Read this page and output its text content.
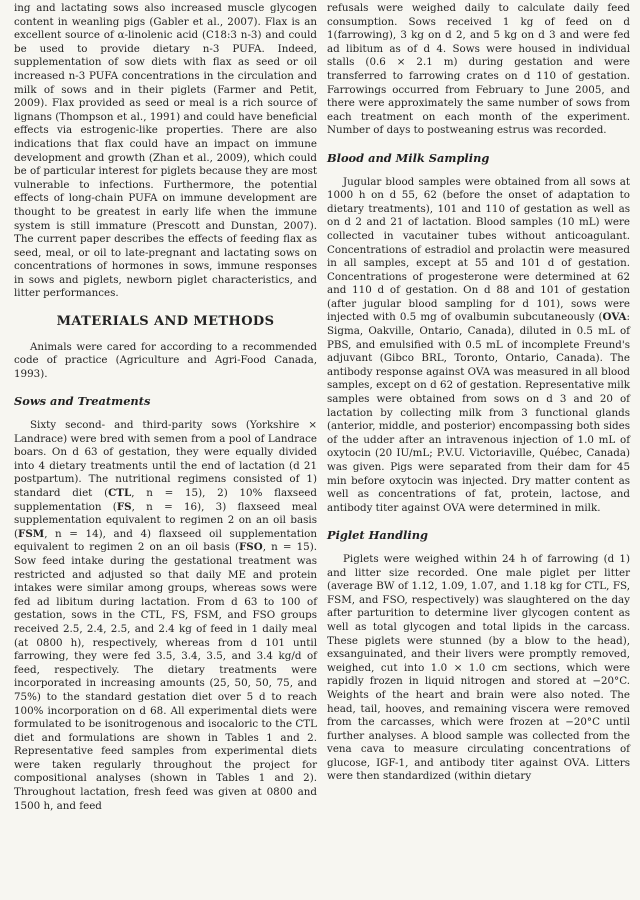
ing and lactating sows also increased muscle glycogen content in weanling pigs (Gabler et al., 2007). Flax is an excellent source of α-linolenic acid (C18:3 n-3) and could be used to provide dietary n-3 PUFA. Indeed, supplementation of sow diets with flax as seed or oil increased n-3 PUFA concentrations in the circulation and milk of sows and in their piglets (Farmer and Petit, 2009). Flax provided as seed or meal is a rich source of lignans (Thompson et al., 1991) and could have beneficial effects via estrogenic-like properties. There are also indications that flax could have an impact on immune development and growth (Zhan et al., 2009), which could be of particular interest for piglets because they are most vulnerable to infections. Furthermore, the potential effects of long-chain PUFA on immune development are thought to be greatest in early life when the immune system is still immature (Prescott and Dunstan, 2007). The current paper describes the effects of feeding flax as seed, meal, or oil to late-pregnant and lactating sows on concentrations of hormones in sows, immune responses in sows and piglets, newborn piglet characteristics, and litter performances.

MATERIALS AND METHODS

Animals were cared for according to a recommended code of practice (Agriculture and Agri-Food Canada, 1993).

Sows and Treatments

Sixty second- and third-parity sows (Yorkshire × Landrace) were bred with semen from a pool of Landrace boars. On d 63 of gestation, they were equally divided into 4 dietary treatments until the end of lactation (d 21 postpartum). The nutritional regimens consisted of 1) standard diet (CTL, n = 15), 2) 10% flaxseed supplementation (FS, n = 16), 3) flaxseed meal supplementation equivalent to regimen 2 on an oil basis (FSM, n = 14), and 4) flaxseed oil supplementation equivalent to regimen 2 on an oil basis (FSO, n = 15). Sow feed intake during the gestational treatment was restricted and adjusted so that daily ME and protein intakes were similar among groups, whereas sows were fed ad libitum during lactation. From d 63 to 100 of gestation, sows in the CTL, FS, FSM, and FSO groups received 2.5, 2.4, 2.5, and 2.4 kg of feed in 1 daily meal (at 0800 h), respectively, whereas from d 101 until farrowing, they were fed 3.5, 3.4, 3.5, and 3.4 kg/d of feed, respectively. The dietary treatments were incorporated in increasing amounts (25, 50, 50, 75, and 75%) to the standard gestation diet over 5 d to reach 100% incorporation on d 68. All experimental diets were formulated to be isonitrogenous and isocaloric to the CTL diet and formulations are shown in Tables 1 and 2. Representative feed samples from experimental diets were taken regularly throughout the project for compositional analyses (shown in Tables 1 and 2). Throughout lactation, fresh feed was given at 0800 and 1500 h, and feed

refusals were weighed daily to calculate daily feed consumption. Sows received 1 kg of feed on d 1(farrowing), 3 kg on d 2, and 5 kg on d 3 and were fed ad libitum as of d 4. Sows were housed in individual stalls (0.6 × 2.1 m) during gestation and were transferred to farrowing crates on d 110 of gestation. Farrowings occurred from February to June 2005, and there were approximately the same number of sows from each treatment on each month of the experiment. Number of days to postweaning estrus was recorded.

Blood and Milk Sampling

Jugular blood samples were obtained from all sows at 1000 h on d 55, 62 (before the onset of adaptation to dietary treatments), 101 and 110 of gestation as well as on d 2 and 21 of lactation. Blood samples (10 mL) were collected in vacutainer tubes without anticoagulant. Concentrations of estradiol and prolactin were measured in all samples, except at 55 and 101 d of gestation. Concentrations of progesterone were determined at 62 and 110 d of gestation. On d 88 and 101 of gestation (after jugular blood sampling for d 101), sows were injected with 0.5 mg of ovalbumin subcutaneously (OVA: Sigma, Oakville, Ontario, Canada), diluted in 0.5 mL of PBS, and emulsified with 0.5 mL of incomplete Freund's adjuvant (Gibco BRL, Toronto, Ontario, Canada). The antibody response against OVA was measured in all blood samples, except on d 62 of gestation. Representative milk samples were obtained from sows on d 3 and 20 of lactation by collecting milk from 3 functional glands (anterior, middle, and posterior) encompassing both sides of the udder after an intravenous injection of 1.0 mL of oxytocin (20 IU/mL; P.V.U. Victoriaville, Québec, Canada) was given. Pigs were separated from their dam for 45 min before oxytocin was injected. Dry matter content as well as concentrations of fat, protein, lactose, and antibody titer against OVA were determined in milk.

Piglet Handling

Piglets were weighed within 24 h of farrowing (d 1) and litter size recorded. One male piglet per litter (average BW of 1.12, 1.09, 1.07, and 1.18 kg for CTL, FS, FSM, and FSO, respectively) was slaughtered on the day after parturition to determine liver glycogen content as well as total glycogen and total lipids in the carcass. These piglets were stunned (by a blow to the head), exsanguinated, and their livers were promptly removed, weighed, cut into 1.0 × 1.0 cm sections, which were rapidly frozen in liquid nitrogen and stored at −20°C. Weights of the heart and brain were also noted. The head, tail, hooves, and remaining viscera were removed from the carcasses, which were frozen at −20°C until further analyses. A blood sample was collected from the vena cava to measure circulating concentrations of glucose, IGF-1, and antibody titer against OVA. Litters were then standardized (within dietary
